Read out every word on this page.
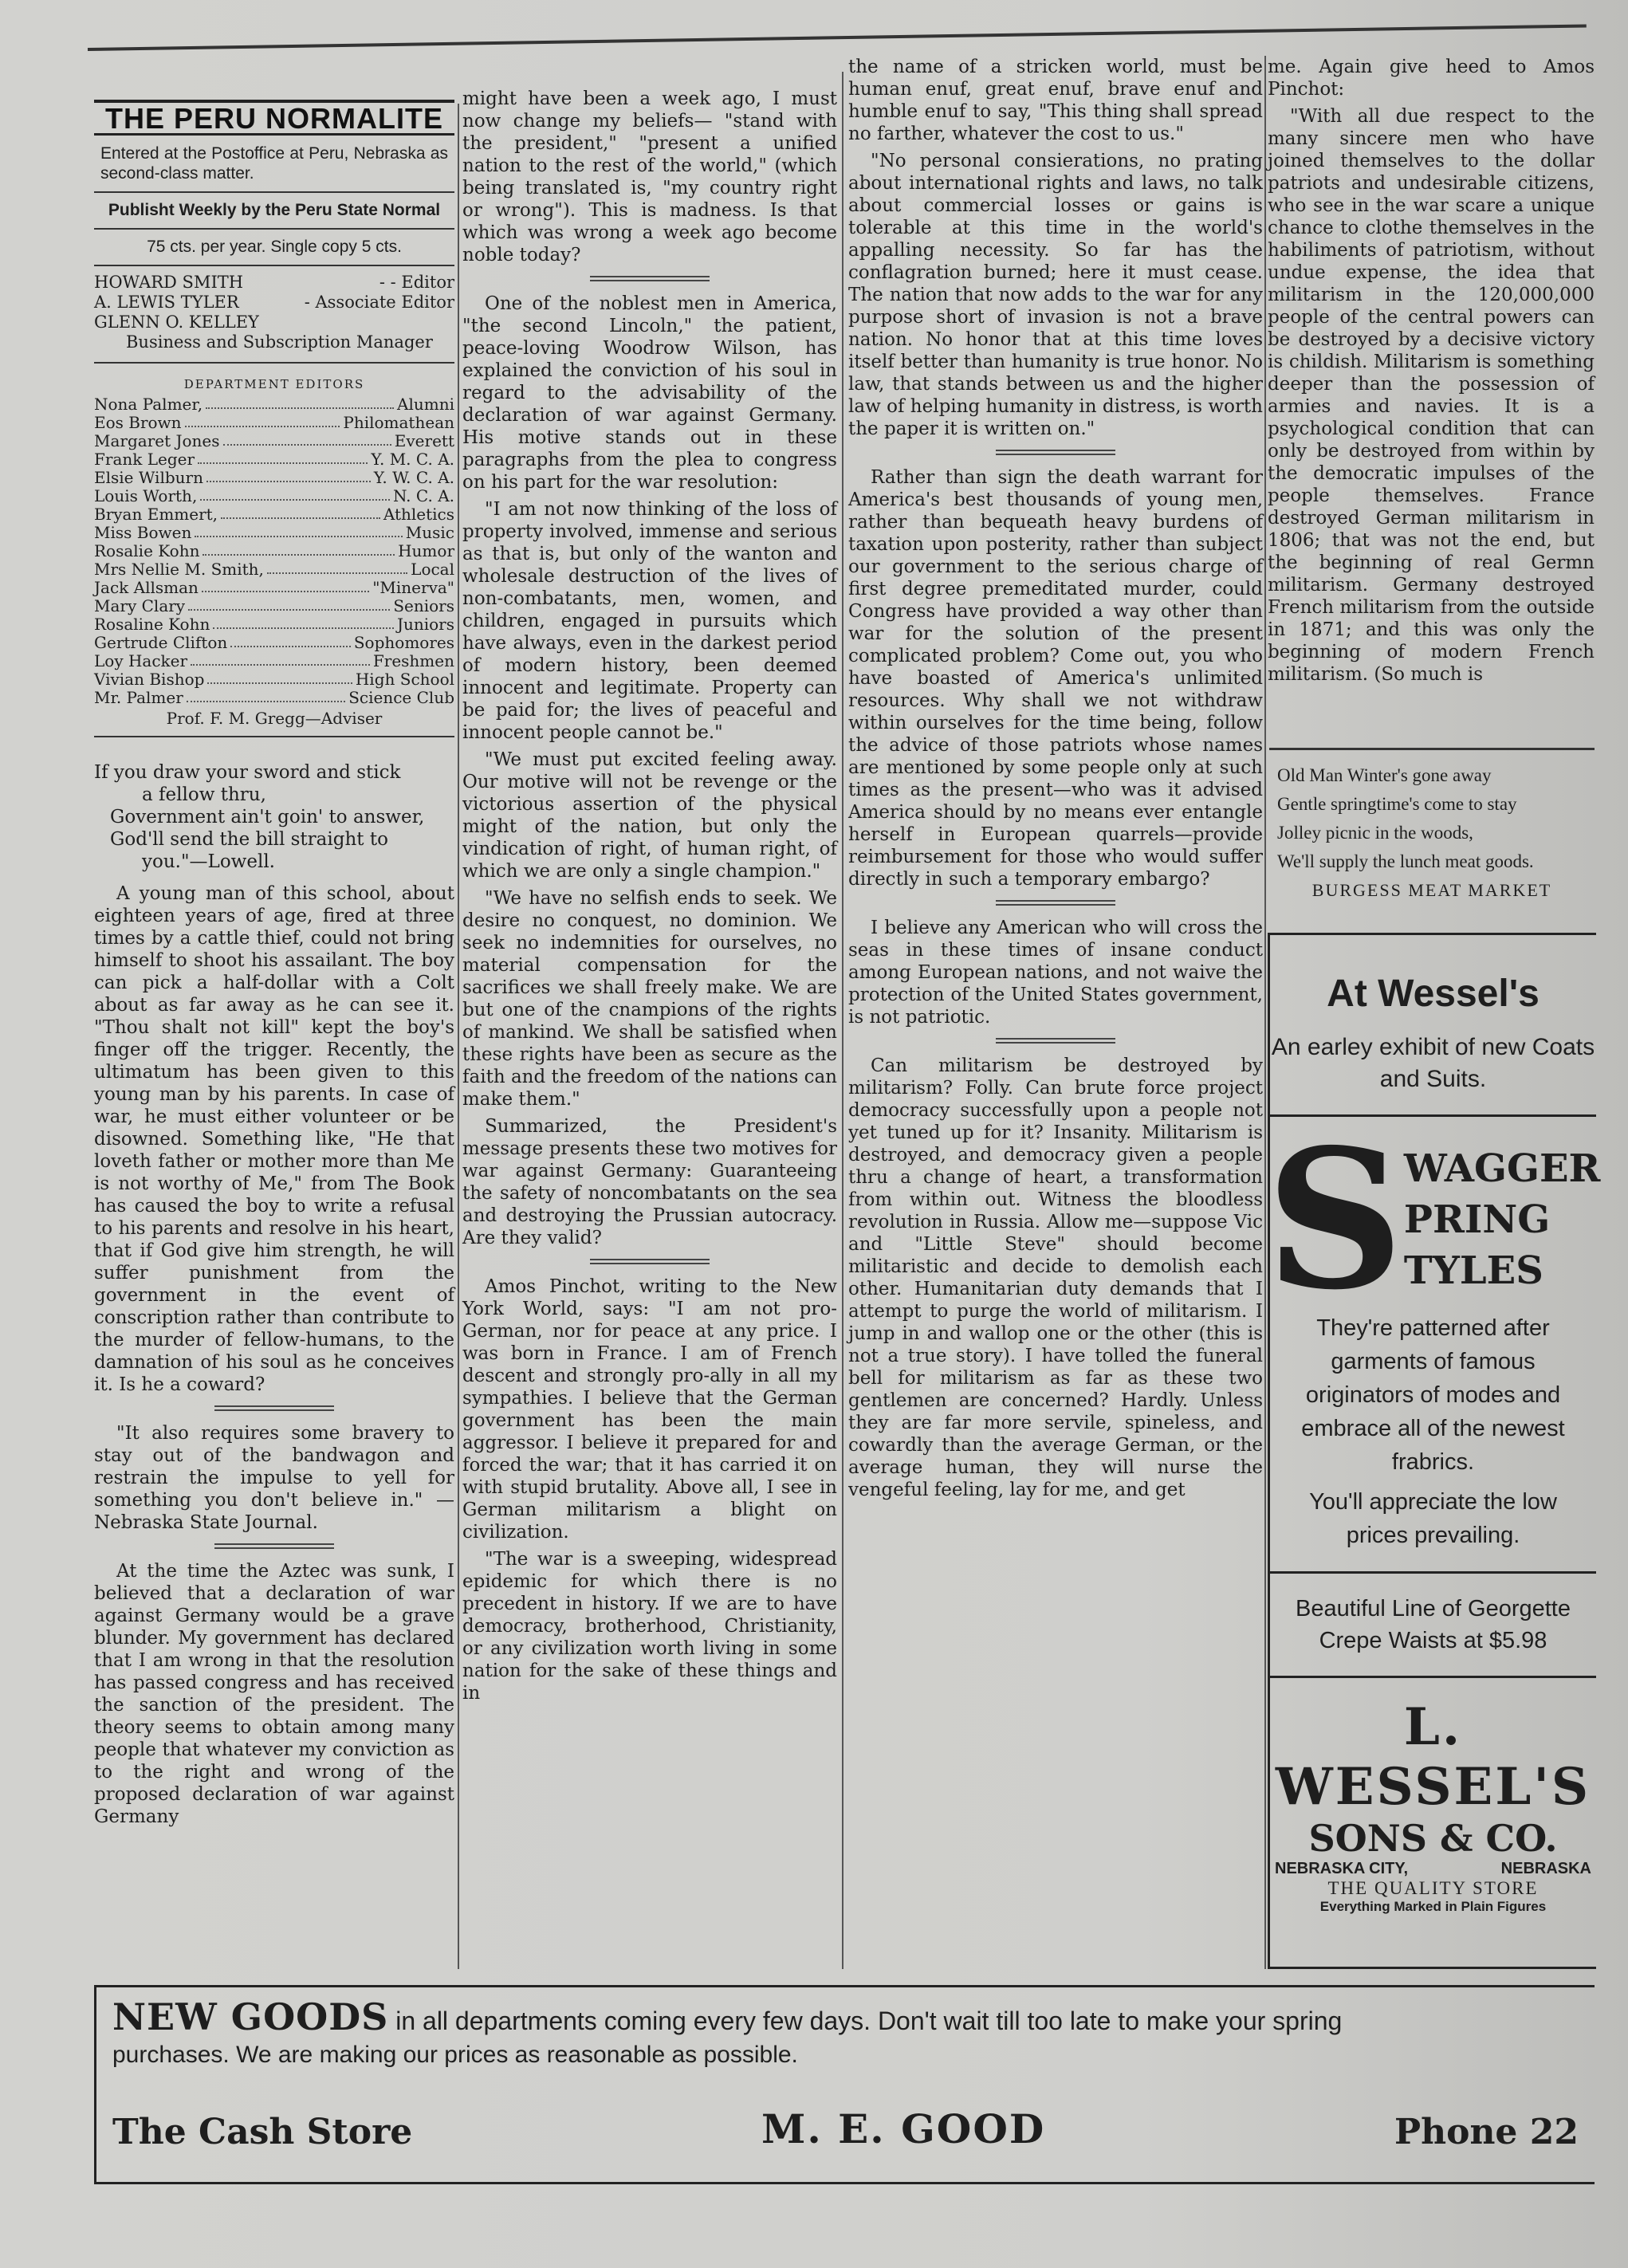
THE PERU NORMALITE
Entered at the Postoffice at Peru, Nebraska as second-class matter.
Publisht Weekly by the Peru State Normal
75 cts. per year. Single copy 5 cts.
HOWARD SMITH	- - Editor
A. LEWIS TYLER	- Associate Editor
GLENN O. KELLEY
Business and Subscription Manager
DEPARTMENT EDITORS
Nona Palmer,	Alumni
Eos Brown	Philomathean
Margaret Jones	Everett
Frank Leger	Y. M. C. A.
Elsie Wilburn	Y. W. C. A.
Louis Worth,	N. C. A.
Bryan Emmert,	Athletics
Miss Bowen	Music
Rosalie Kohn	Humor
Mrs Nellie M. Smith,	Local
Jack Allsman	"Minerva"
Mary Clary	Seniors
Rosaline Kohn	Juniors
Gertrude Clifton	Sophomores
Loy Hacker	Freshmen
Vivian Bishop	High School
Mr. Palmer	Science Club
Prof. F. M. Gregg—Adviser
If you draw your sword and stick
a fellow thru,
Government ain't goin' to answer,
God'll send the bill straight to
you."—Lowell.

A young man of this school, about eighteen years of age, fired at three times by a cattle thief, could not bring himself to shoot his assailant. The boy can pick a half-dollar with a Colt about as far away as he can see it. "Thou shalt not kill" kept the boy's finger off the trigger. Recently, the ultimatum has been given to this young man by his parents. In case of war, he must either volunteer or be disowned. Something like, "He that loveth father or mother more than Me is not worthy of Me," from The Book has caused the boy to write a refusal to his parents and resolve in his heart, that if God give him strength, he will suffer punishment from the government in the event of conscription rather than contribute to the murder of fellow-humans, to the damnation of his soul as he conceives it. Is he a coward?

"It also requires some bravery to stay out of the bandwagon and restrain the impulse to yell for something you don't believe in." —Nebraska State Journal.

At the time the Aztec was sunk, I believed that a declaration of war against Germany would be a grave blunder. My government has declared that I am wrong in that the resolution has passed congress and has received the sanction of the president. The theory seems to obtain among many people that whatever my conviction as to the right and wrong of the proposed declaration of war against Germany

might have been a week ago, I must now change my beliefs— "stand with the president," "present a unified nation to the rest of the world," (which being translated is, "my country right or wrong"). This is madness. Is that which was wrong a week ago become noble today?

One of the noblest men in America, "the second Lincoln," the patient, peace-loving Woodrow Wilson, has explained the conviction of his soul in regard to the advisability of the declaration of war against Germany. His motive stands out in these paragraphs from the plea to congress on his part for the war resolution:

"I am not now thinking of the loss of property involved, immense and serious as that is, but only of the wanton and wholesale destruction of the lives of non-combatants, men, women, and children, engaged in pursuits which have always, even in the darkest period of modern history, been deemed innocent and legitimate. Property can be paid for; the lives of peaceful and innocent people cannot be."

"We must put excited feeling away. Our motive will not be revenge or the victorious assertion of the physical might of the nation, but only the vindication of right, of human right, of which we are only a single champion."

"We have no selfish ends to seek. We desire no conquest, no dominion. We seek no indemnities for ourselves, no material compensation for the sacrifices we shall freely make. We are but one of the cnampions of the rights of mankind. We shall be satisfied when these rights have been as secure as the faith and the freedom of the nations can make them."

Summarized, the President's message presents these two motives for war against Germany: Guaranteeing the safety of noncombatants on the sea and destroying the Prussian autocracy. Are they valid?

Amos Pinchot, writing to the New York World, says: "I am not pro-German, nor for peace at any price. I was born in France. I am of French descent and strongly pro-ally in all my sympathies. I believe that the German government has been the main aggressor. I believe it prepared for and forced the war; that it has carried it on with stupid brutality. Above all, I see in German militarism a blight on civilization.

"The war is a sweeping, widespread epidemic for which there is no precedent in history. If we are to have democracy, brotherhood, Christianity, or any civilization worth living in some nation for the sake of these things and in

the name of a stricken world, must be human enuf, great enuf, brave enuf and humble enuf to say, "This thing shall spread no farther, whatever the cost to us."

"No personal consierations, no prating about international rights and laws, no talk about commercial losses or gains is tolerable at this time in the world's appalling necessity. So far has the conflagration burned; here it must cease. The nation that now adds to the war for any purpose short of invasion is not a brave nation. No honor that at this time loves itself better than humanity is true honor. No law, that stands between us and the higher law of helping humanity in distress, is worth the paper it is written on."

Rather than sign the death warrant for America's best thousands of young men, rather than bequeath heavy burdens of taxation upon posterity, rather than subject our government to the serious charge of first degree premeditated murder, could Congress have provided a way other than war for the solution of the present complicated problem? Come out, you who have boasted of America's unlimited resources. Why shall we not withdraw within ourselves for the time being, follow the advice of those patriots whose names are mentioned by some people only at such times as the present—who was it advised America should by no means ever entangle herself in European quarrels—provide reimbursement for those who would suffer directly in such a temporary embargo?

I believe any American who will cross the seas in these times of insane conduct among European nations, and not waive the protection of the United States government, is not patriotic.

Can militarism be destroyed by militarism? Folly. Can brute force project democracy successfully upon a people not yet tuned up for it? Insanity. Militarism is destroyed, and democracy given a people thru a change of heart, a transformation from within out. Witness the bloodless revolution in Russia. Allow me—suppose Vic and "Little Steve" should become militaristic and decide to demolish each other. Humanitarian duty demands that I attempt to purge the world of militarism. I jump in and wallop one or the other (this is not a true story). I have tolled the funeral bell for militarism as far as these two gentlemen are concerned? Hardly. Unless they are far more servile, spineless, and cowardly than the average German, or the average human, they will nurse the vengeful feeling, lay for me, and get

me. Again give heed to Amos Pinchot:

"With all due respect to the many sincere men who have joined themselves to the dollar patriots and undesirable citizens, who see in the war scare a unique chance to clothe themselves in the habiliments of patriotism, without undue expense, the idea that militarism in the 120,000,000 people of the central powers can be destroyed by a decisive victory is childish. Militarism is something deeper than the possession of armies and navies. It is a psychological condition that can only be destroyed from within by the democratic impulses of the people themselves. France destroyed German militarism in 1806; that was not the end, but the beginning of real Germn militarism. Germany destroyed French militarism from the outside in 1871; and this was only the beginning of modern French militarism. (So much is

Old Man Winter's gone away
Gentle springtime's come to stay
Jolley picnic in the woods,
We'll supply the lunch meat goods.
BURGESS MEAT MARKET
At Wessel's
An earley exhibit of new Coats and Suits.
S WAGGER
PRING
TYLES
They're patterned after garments of famous originators of modes and embrace all of the newest frabrics.
You'll appreciate the low prices prevailing.
Beautiful Line of Georgette Crepe Waists at $5.98
L. WESSEL'S
SONS & CO.
NEBRASKA CITY,	NEBRASKA
THE QUALITY STORE
Everything Marked in Plain Figures
NEW GOODS in all departments coming every few days. Don't wait till too late to make your spring
purchases. We are making our prices as reasonable as possible.
The Cash Store	M. E. GOOD	Phone 22
